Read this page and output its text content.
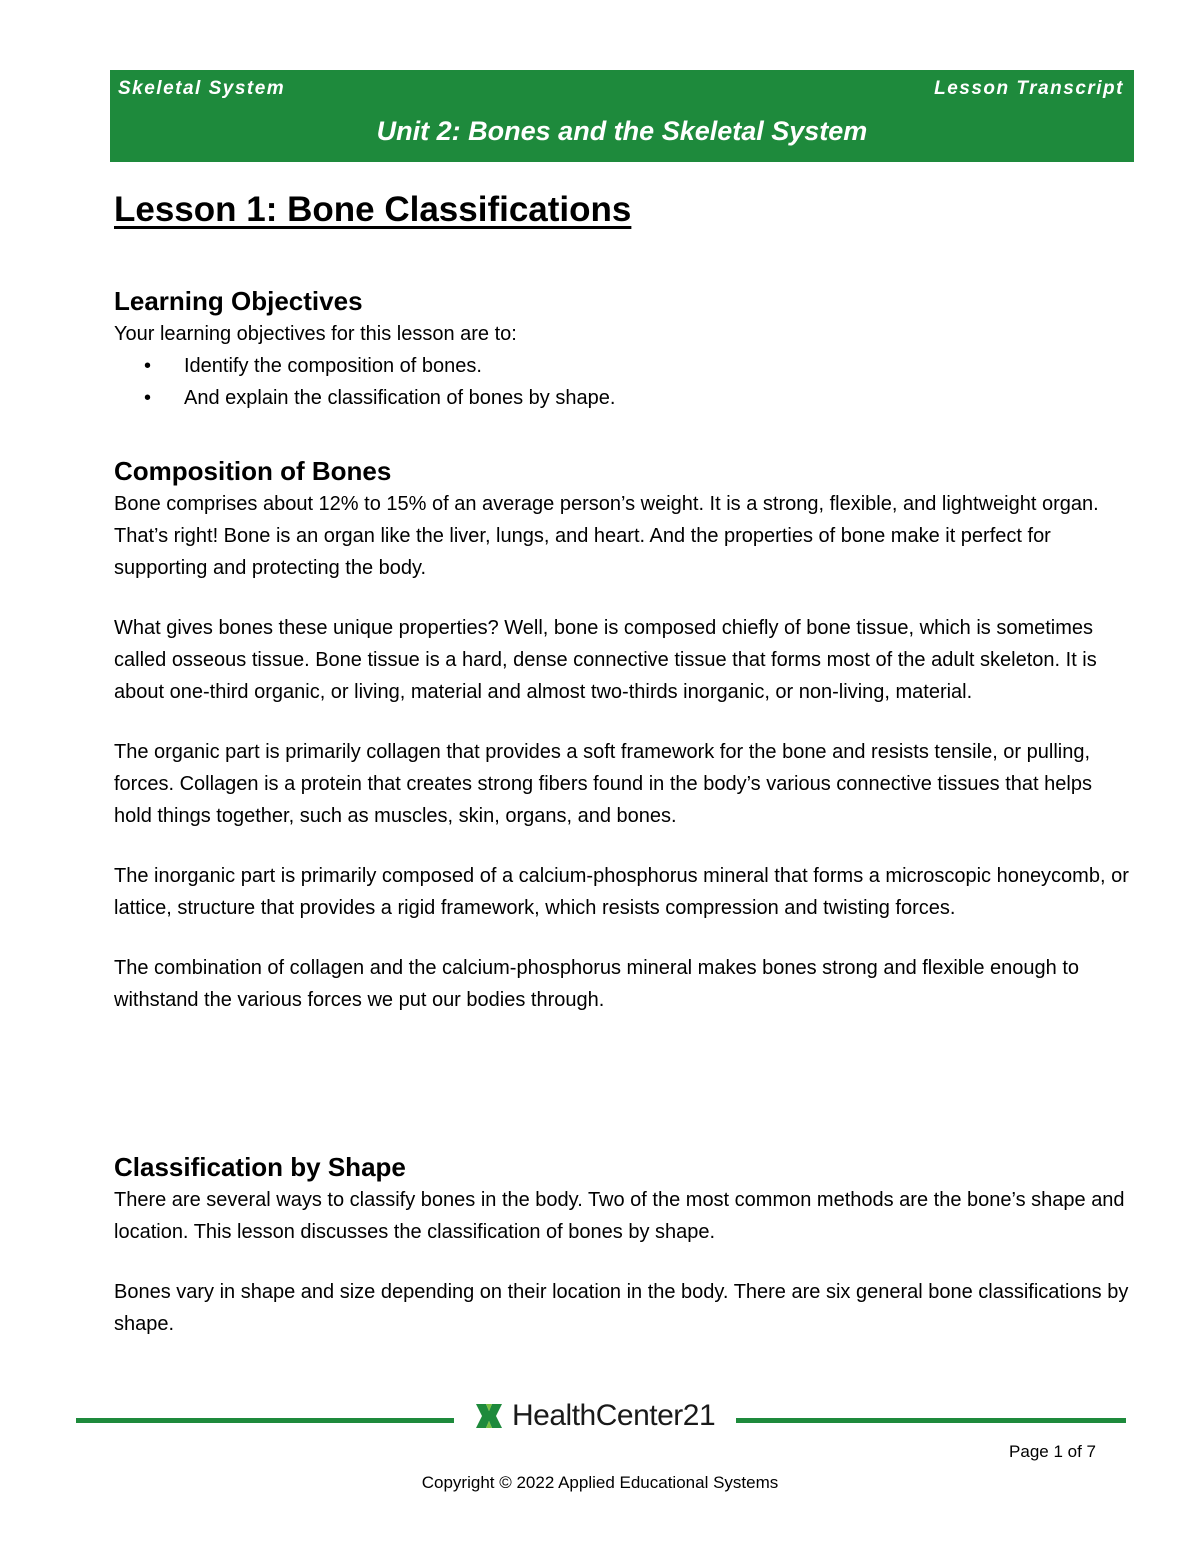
Skeletal System	Lesson Transcript
Unit 2: Bones and the Skeletal System
Lesson 1: Bone Classifications
Learning Objectives

Your learning objectives for this lesson are to:

• Identify the composition of bones.
• And explain the classification of bones by shape.
Composition of Bones

Bone comprises about 12% to 15% of an average person’s weight. It is a strong, flexible, and lightweight organ. That’s right! Bone is an organ like the liver, lungs, and heart. And the properties of bone make it perfect for supporting and protecting the body.

What gives bones these unique properties? Well, bone is composed chiefly of bone tissue, which is sometimes called osseous tissue. Bone tissue is a hard, dense connective tissue that forms most of the adult skeleton. It is about one-third organic, or living, material and almost two-thirds inorganic, or non-living, material.

The organic part is primarily collagen that provides a soft framework for the bone and resists tensile, or pulling, forces. Collagen is a protein that creates strong fibers found in the body’s various connective tissues that helps hold things together, such as muscles, skin, organs, and bones.

The inorganic part is primarily composed of a calcium-phosphorus mineral that forms a microscopic honeycomb, or lattice, structure that provides a rigid framework, which resists compression and twisting forces.

The combination of collagen and the calcium-phosphorus mineral makes bones strong and flexible enough to withstand the various forces we put our bodies through.

Classification by Shape

There are several ways to classify bones in the body. Two of the most common methods are the bone’s shape and location. This lesson discusses the classification of bones by shape.

Bones vary in shape and size depending on their location in the body. There are six general bone classifications by shape.

HealthCenter21
Page 1 of 7
Copyright © 2022 Applied Educational Systems
